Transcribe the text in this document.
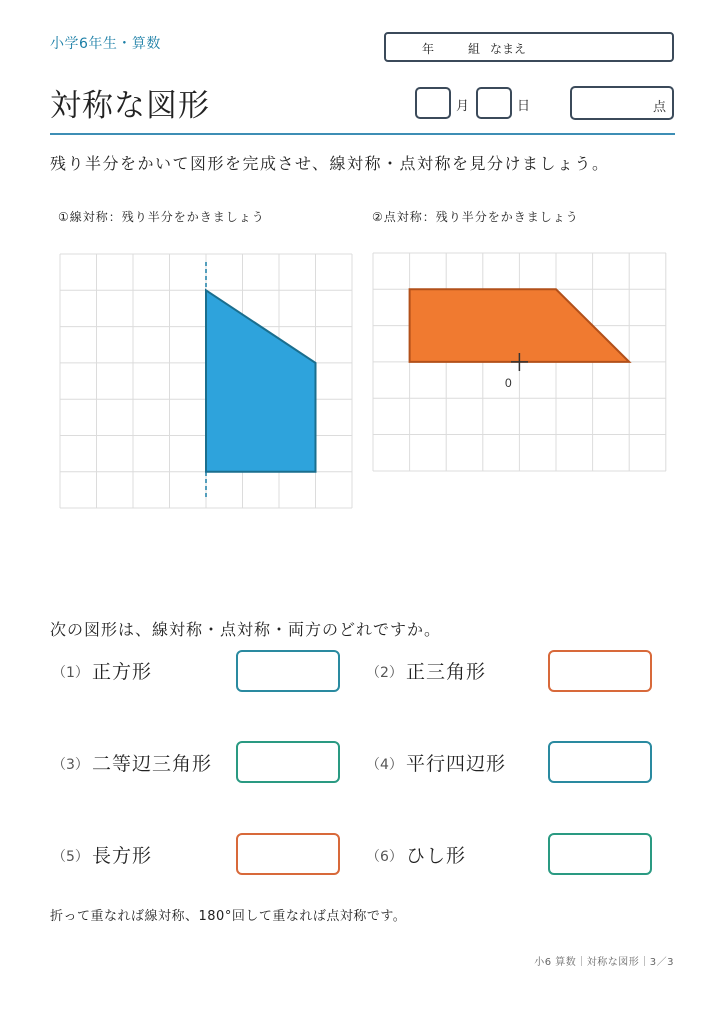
小学6年生・算数	年	組 なまえ
対称な図形	月	日	点
残り半分をかいて図形を完成させ、線対称・点対称を見分けましょう。
①線対称：残り半分をかきましょう	②点対称：残り半分をかきましょう
0
次の図形は、線対称・点対称・両方のどれですか。
（1） 正方形	（2） 正三角形
（3） 二等辺三角形	（4） 平行四辺形
（5） 長方形	（6） ひし形
折って重なれば線対称、180°回して重なれば点対称です。
小6 算数｜対称な図形｜3／3
